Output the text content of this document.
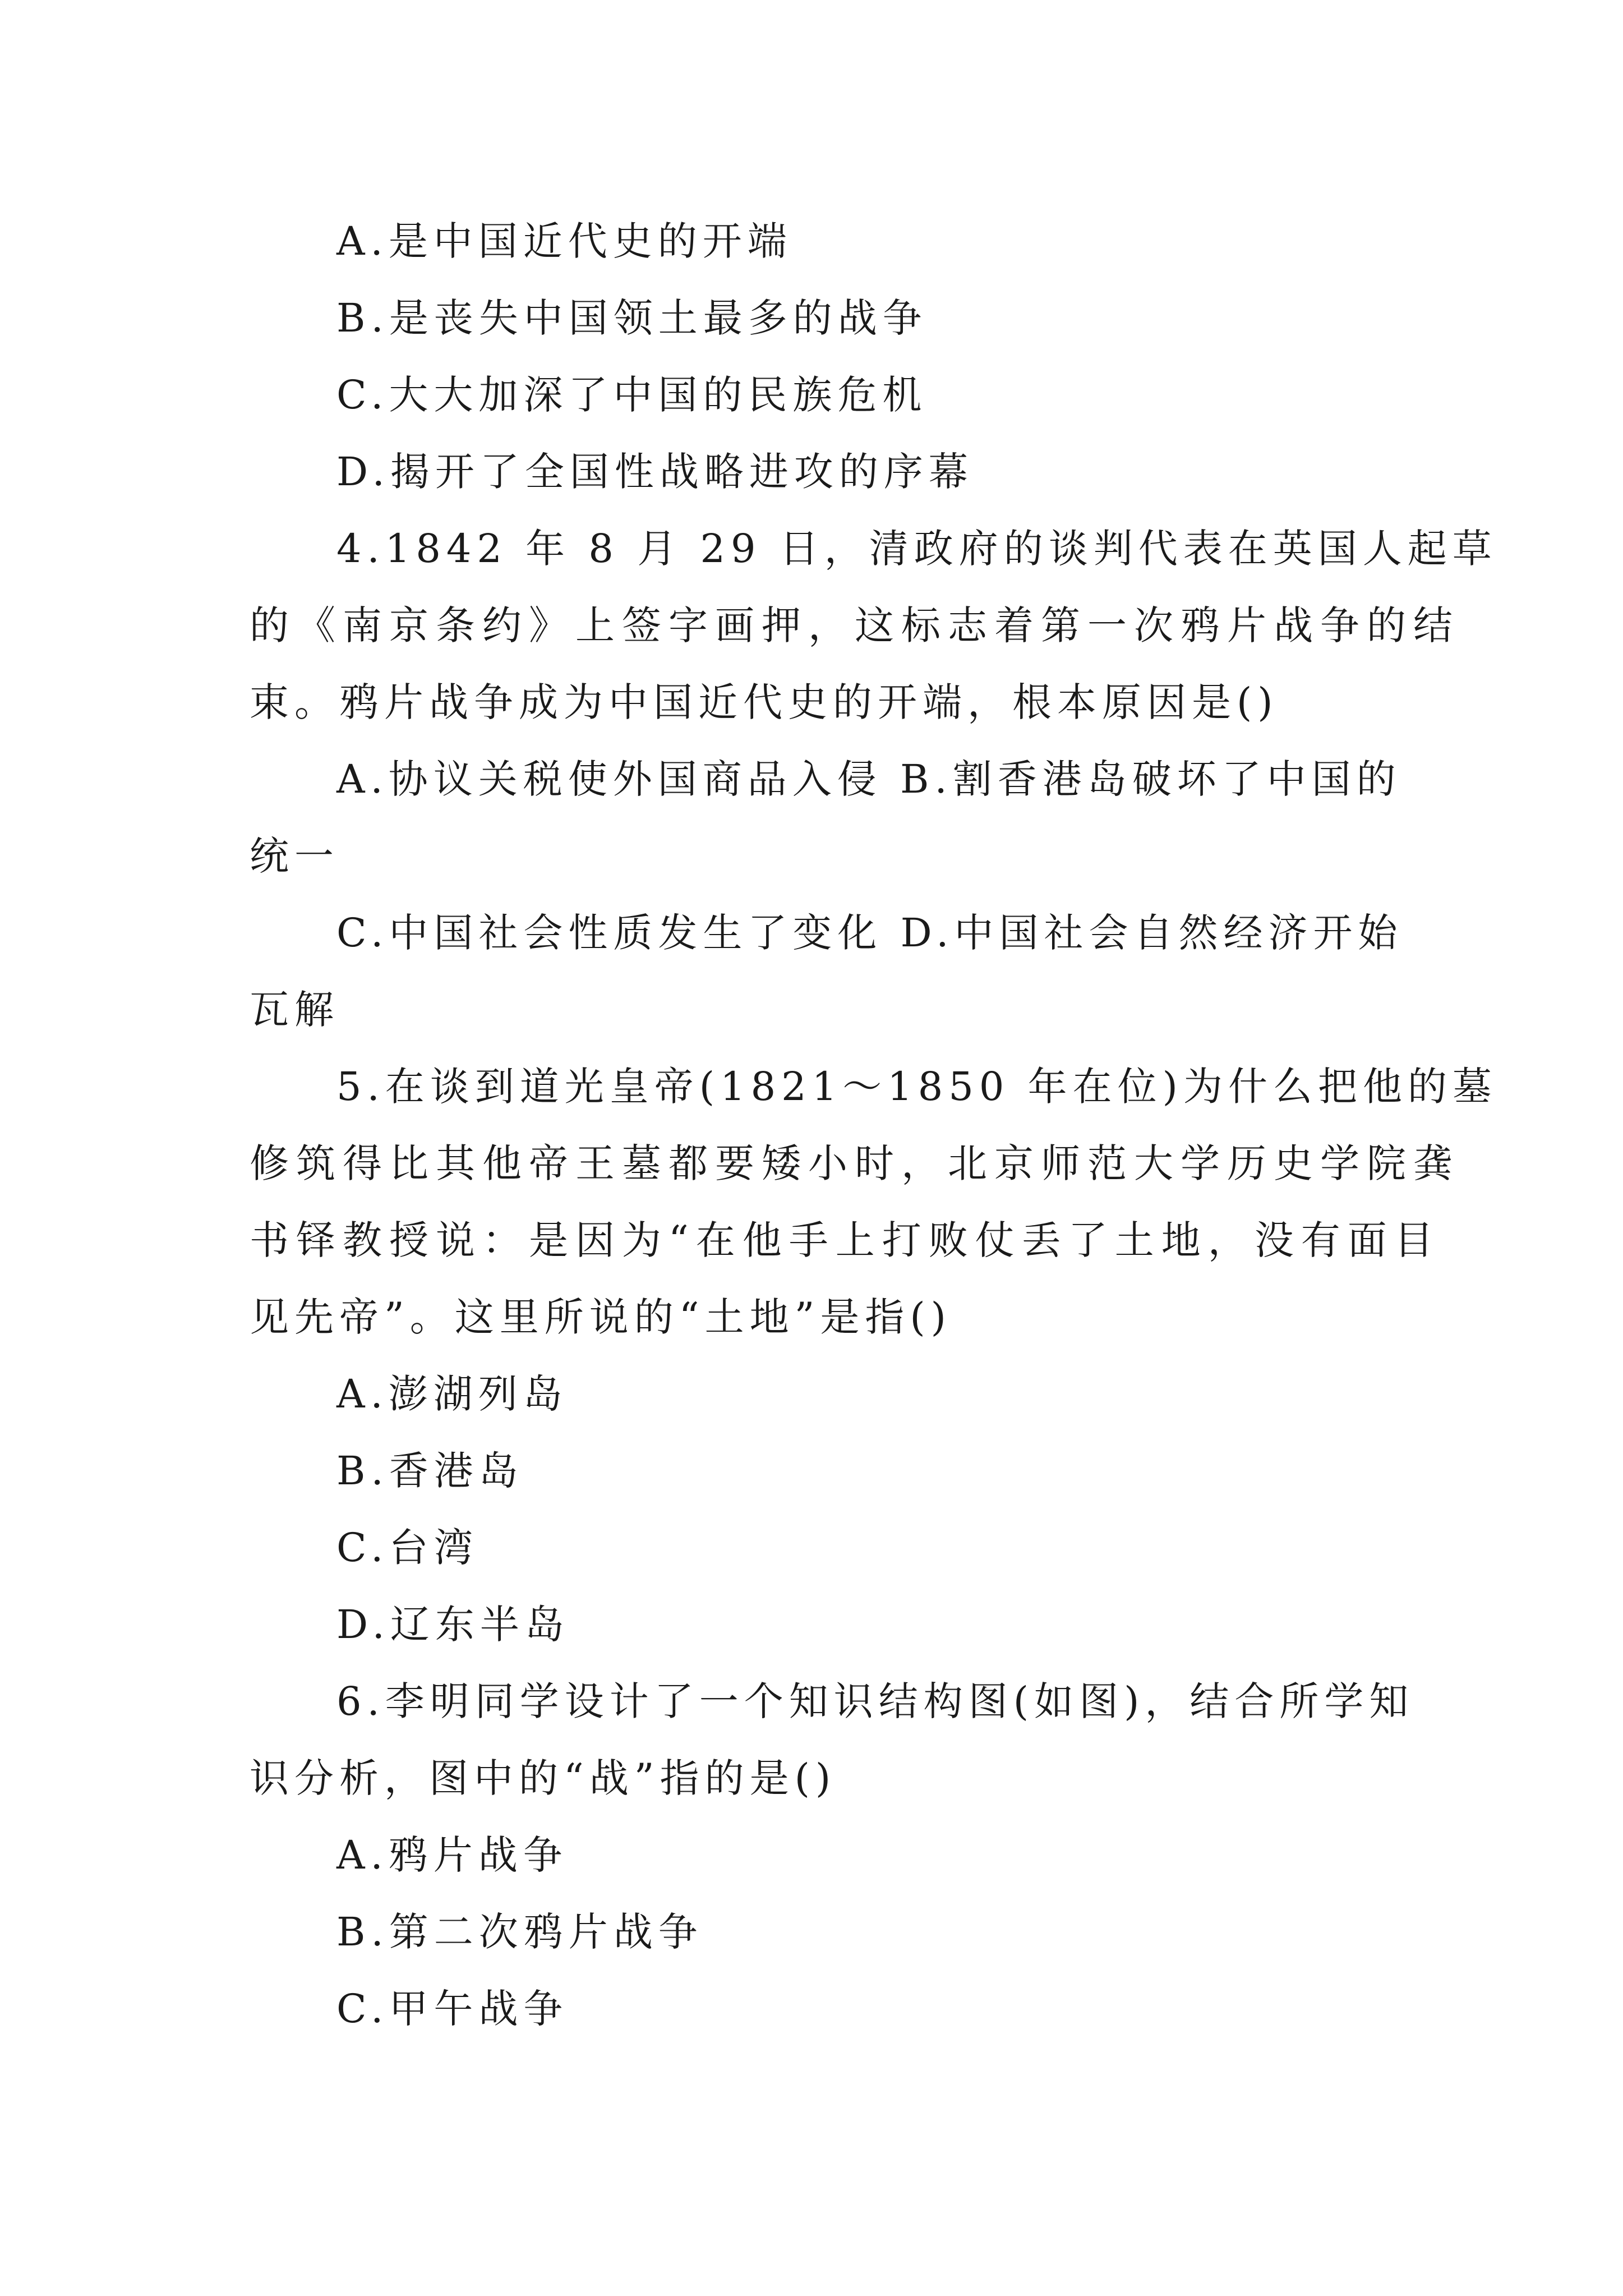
A.是中国近代史的开端
B.是丧失中国领土最多的战争
C.大大加深了中国的民族危机
D.揭开了全国性战略进攻的序幕
4.1842 年 8 月 29 日，清政府的谈判代表在英国人起草
的《南京条约》上签字画押，这标志着第一次鸦片战争的结
束。鸦片战争成为中国近代史的开端，根本原因是()
A.协议关税使外国商品入侵 B.割香港岛破坏了中国的
统一
C.中国社会性质发生了变化 D.中国社会自然经济开始
瓦解
5.在谈到道光皇帝(1821～1850 年在位)为什么把他的墓
修筑得比其他帝王墓都要矮小时，北京师范大学历史学院龚
书铎教授说：是因为“在他手上打败仗丢了土地，没有面目
见先帝”。这里所说的“土地”是指()
A.澎湖列岛
B.香港岛
C.台湾
D.辽东半岛
6.李明同学设计了一个知识结构图(如图)，结合所学知
识分析，图中的“战”指的是()
A.鸦片战争
B.第二次鸦片战争
C.甲午战争
